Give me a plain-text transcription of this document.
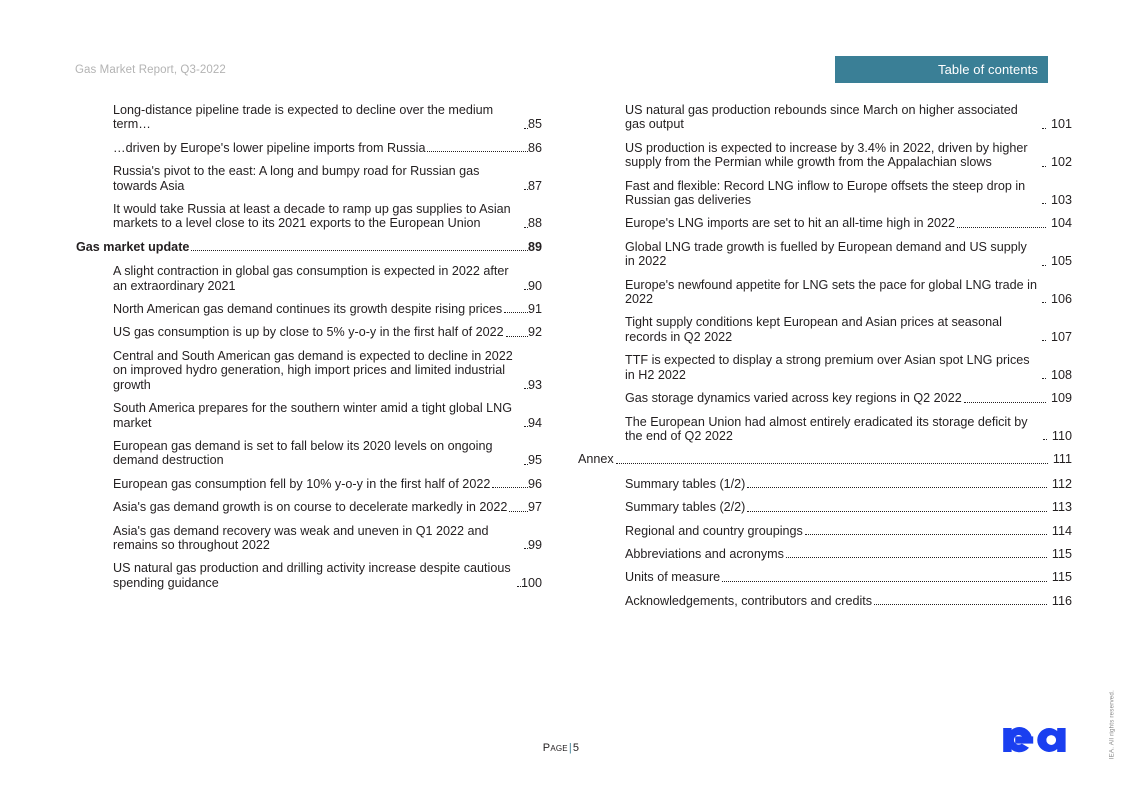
Gas Market Report, Q3-2022	Table of contents
Long-distance pipeline trade is expected to decline over the medium term…	85
…driven by Europe's lower pipeline imports from Russia	86
Russia's pivot to the east: A long and bumpy road for Russian gas towards Asia	87
It would take Russia at least a decade to ramp up gas supplies to Asian markets to a level close to its 2021 exports to the European Union	88
Gas market update	89
A slight contraction in global gas consumption is expected in 2022 after an extraordinary 2021	90
North American gas demand continues its growth despite rising prices 91
US gas consumption is up by close to 5% y-o-y in the first half of 2022 92
Central and South American gas demand is expected to decline in 2022 on improved hydro generation, high import prices and limited industrial growth	93
South America prepares for the southern winter amid a tight global LNG market	94
European gas demand is set to fall below its 2020 levels on ongoing demand destruction	95
European gas consumption fell by 10% y-o-y in the first half of 2022	96
Asia's gas demand growth is on course to decelerate markedly in 2022 97
Asia's gas demand recovery was weak and uneven in Q1 2022 and remains so throughout 2022	99
US natural gas production and drilling activity increase despite cautious spending guidance	100
US natural gas production rebounds since March on higher associated gas output	101
US production is expected to increase by 3.4% in 2022, driven by higher supply from the Permian while growth from the Appalachian slows	102
Fast and flexible: Record LNG inflow to Europe offsets the steep drop in Russian gas deliveries	103
Europe's LNG imports are set to hit an all-time high in 2022	104
Global LNG trade growth is fuelled by European demand and US supply in 2022	105
Europe's newfound appetite for LNG sets the pace for global LNG trade in 2022	106
Tight supply conditions kept European and Asian prices at seasonal records in Q2 2022	107
TTF is expected to display a strong premium over Asian spot LNG prices in H2 2022	108
Gas storage dynamics varied across key regions in Q2 2022	109
The European Union had almost entirely eradicated its storage deficit by the end of Q2 2022	110
Annex	111
Summary tables (1/2)	112
Summary tables (2/2)	113
Regional and country groupings	114
Abbreviations and acronyms	115
Units of measure	115
Acknowledgements, contributors and credits	116
Page|5	IEA. All rights reserved.
